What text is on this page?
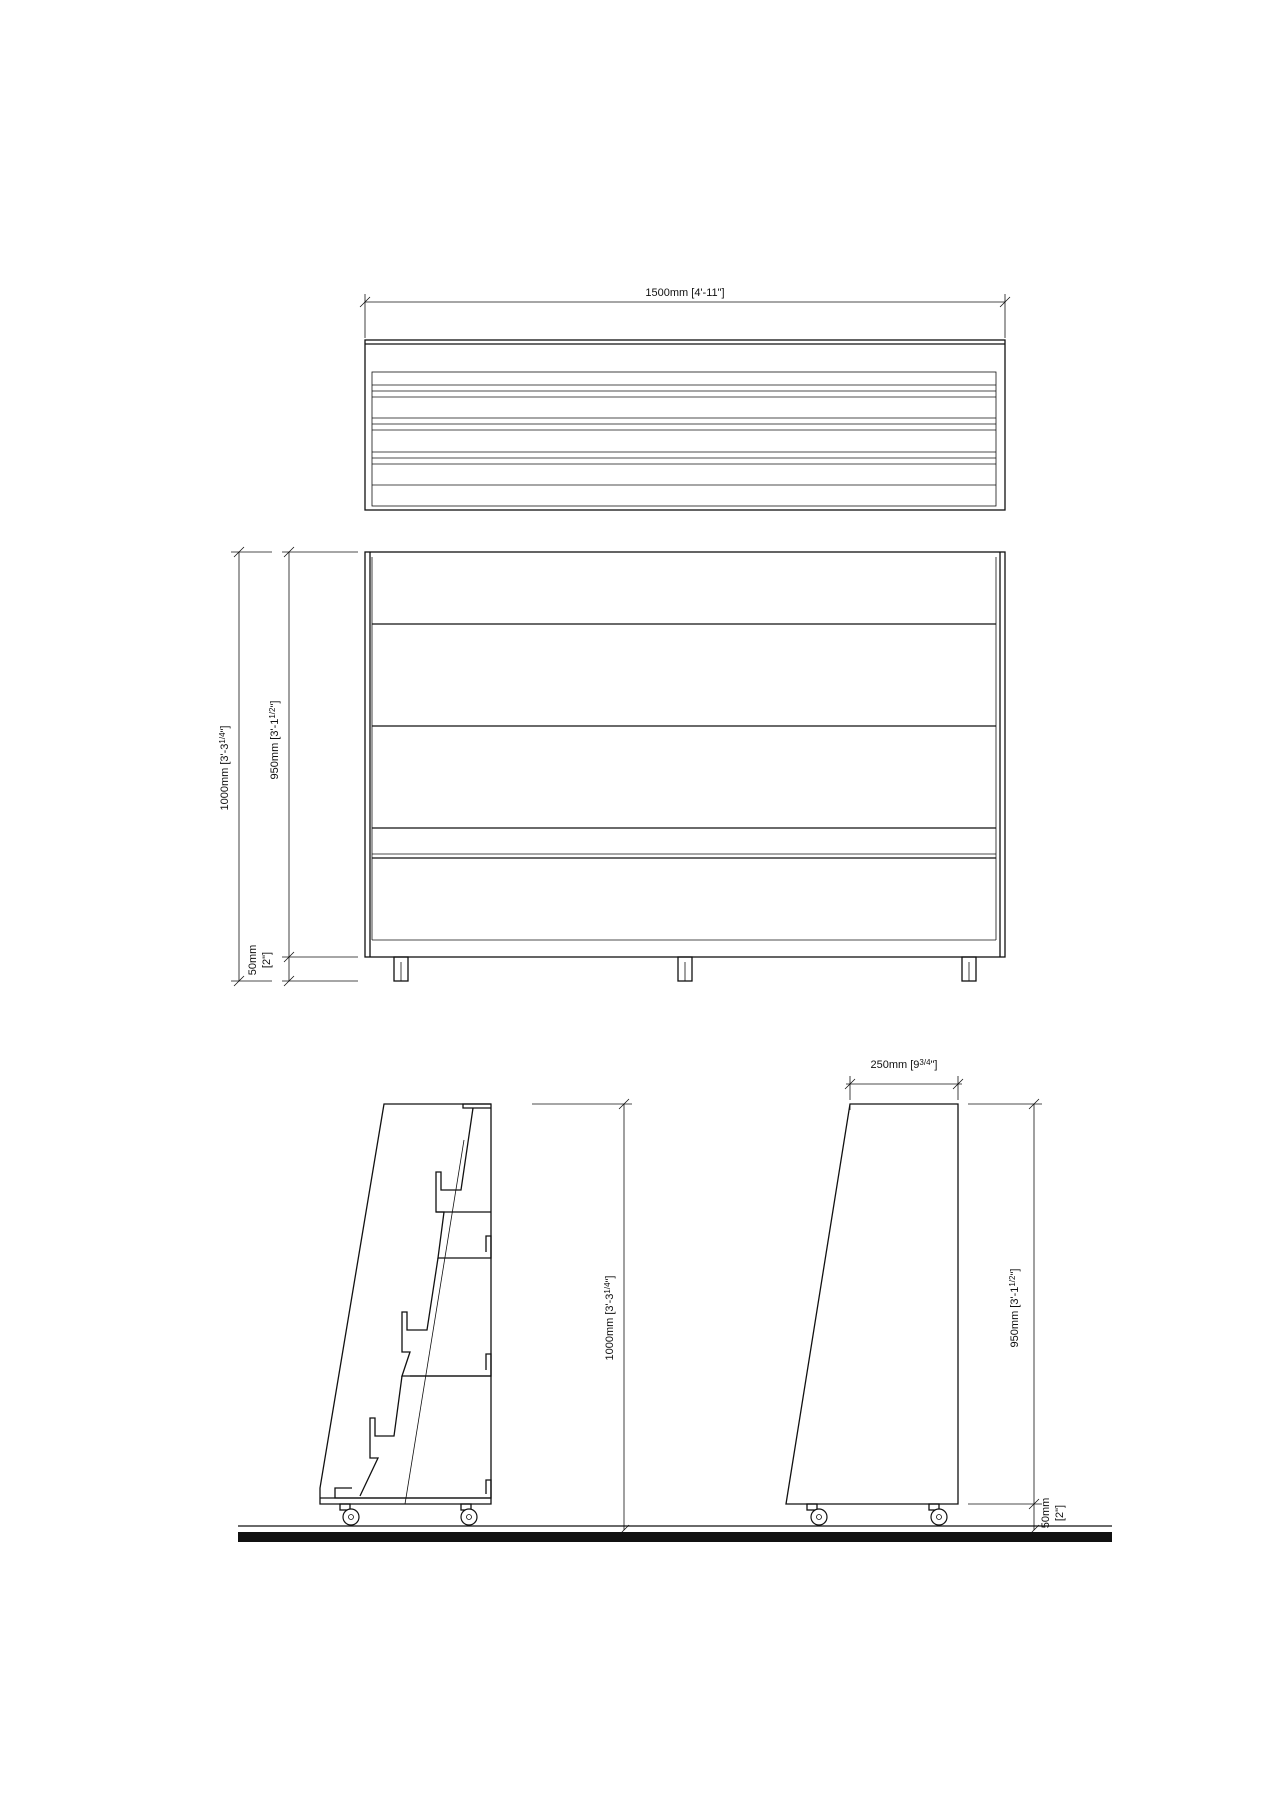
1500mm [4'-11"]
1000mm $[3'-3^{1/4}"]$	950mm $[3'-1^{1/2}"]$
50mm [2"]
1000mm $[3'-3^{1/4}"]$
250mm $[9^{3/4}"]$
950mm $[3'-1^{1/2}"]$
50mm [2"]
